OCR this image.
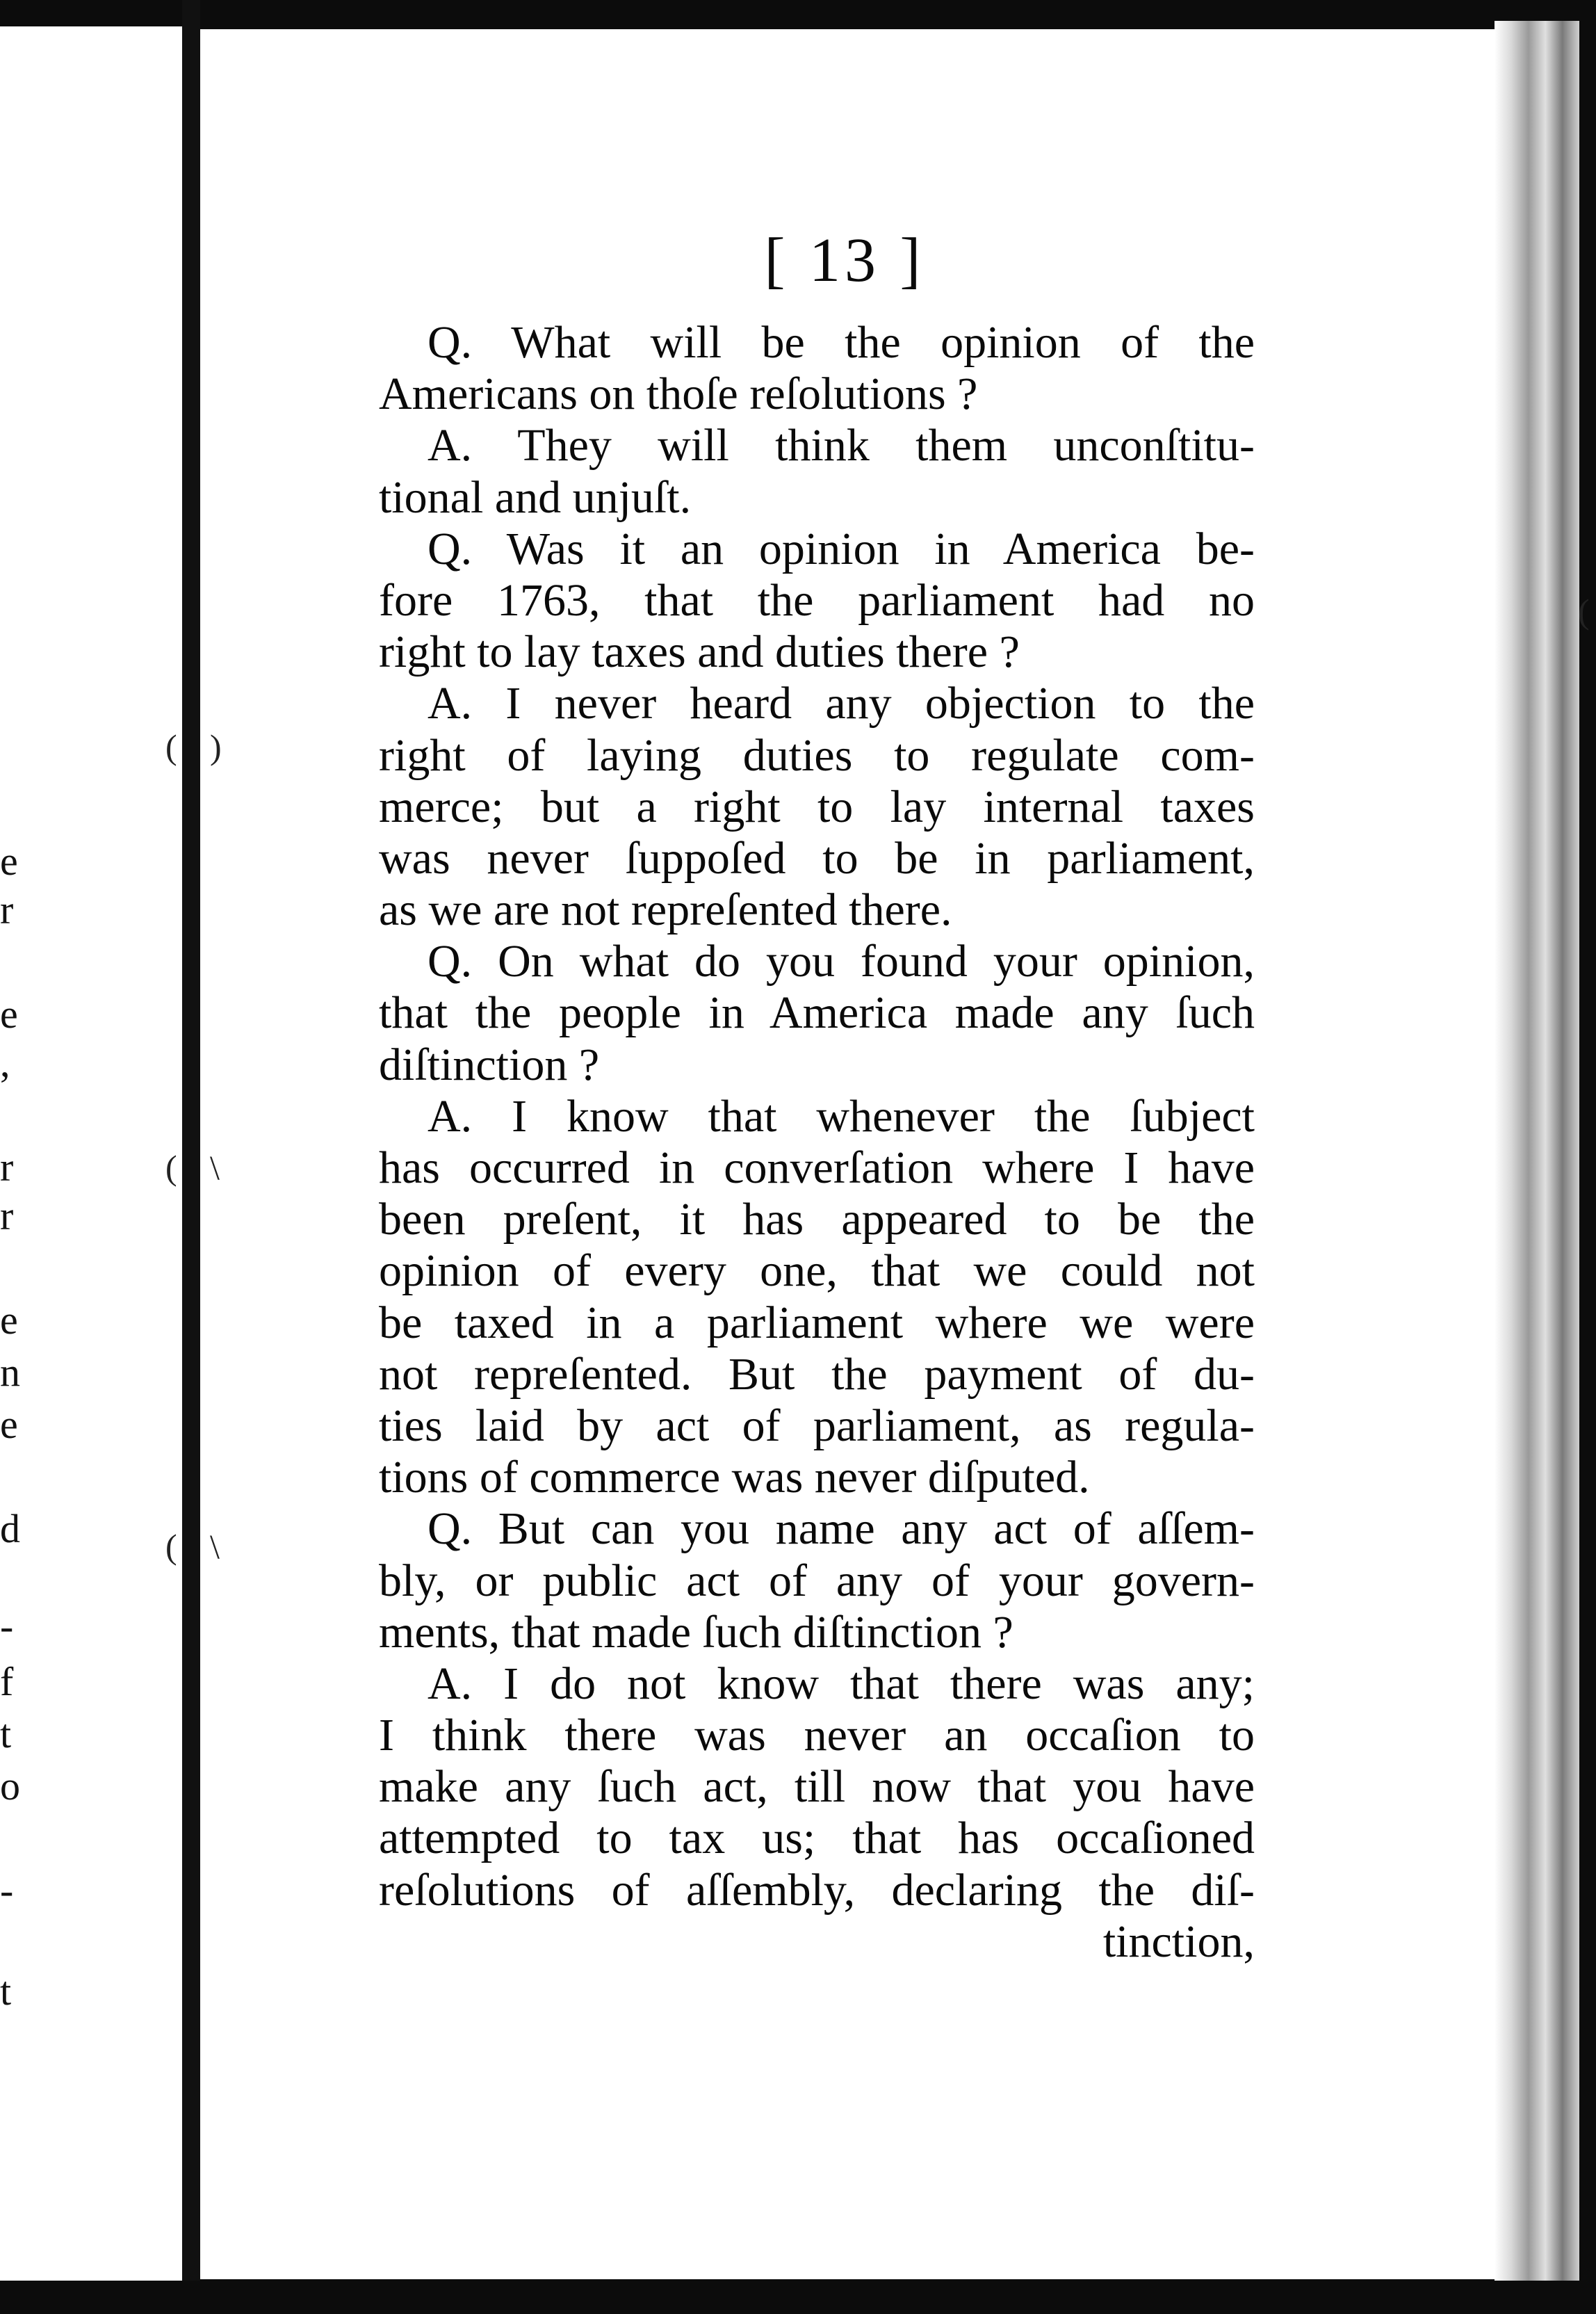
e
r
e
,
r
r
e
n
e
d
-
f
t
o
-
t
( )
( \
( \
(
[ 13 ]
Q. What will be the opinion of the
Americans on thoſe reſolutions ?
A. They will think them unconſtitu-
tional and unjuſt.
Q. Was it an opinion in America be-
fore 1763, that the parliament had no
right to lay taxes and duties there ?
A. I never heard any objection to the
right of laying duties to regulate com-
merce; but a right to lay internal taxes
was never ſuppoſed to be in parliament,
as we are not repreſented there.
Q. On what do you found your opinion,
that the people in America made any ſuch
diſtinction ?
A. I know that whenever the ſubject
has occurred in converſation where I have
been preſent, it has appeared to be the
opinion of every one, that we could not
be taxed in a parliament where we were
not repreſented. But the payment of du-
ties laid by act of parliament, as regula-
tions of commerce was never diſputed.
Q. But can you name any act of aſſem-
bly, or public act of any of your govern-
ments, that made ſuch diſtinction ?
A. I do not know that there was any;
I think there was never an occaſion to
make any ſuch act, till now that you have
attempted to tax us; that has occaſioned
reſolutions of aſſembly, declaring the diſ-
tinction,
